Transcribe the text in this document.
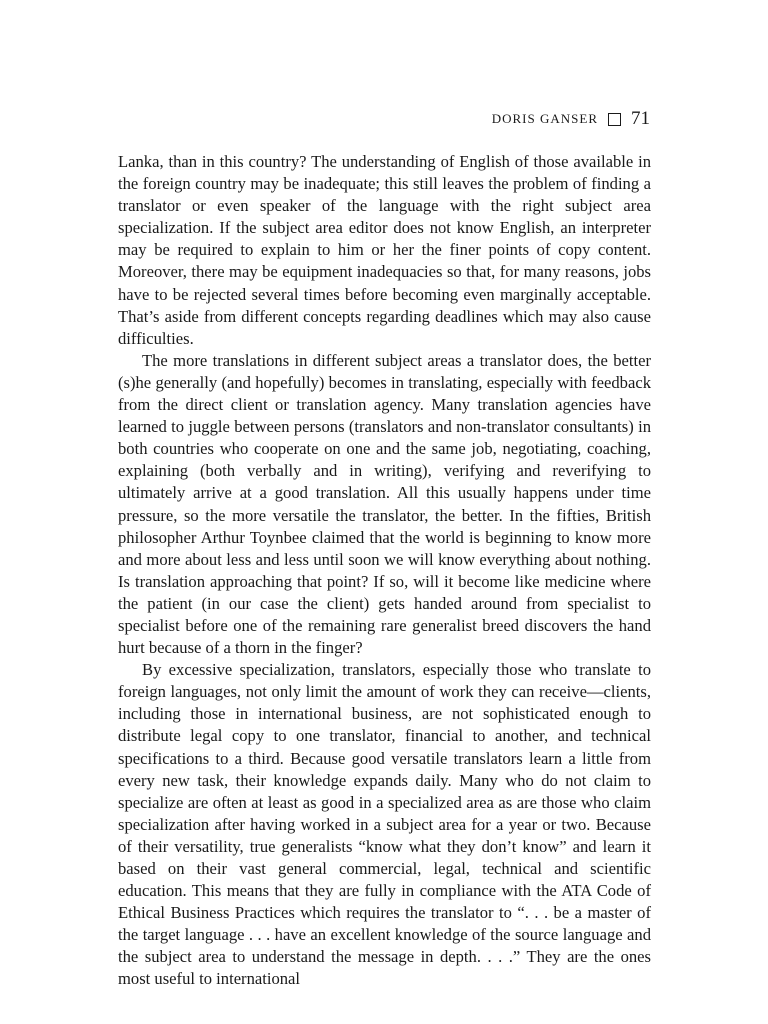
DORIS GANSER 71

Lanka, than in this country? The understanding of English of those available in the foreign country may be inadequate; this still leaves the problem of finding a translator or even speaker of the language with the right subject area specialization. If the subject area editor does not know English, an interpreter may be required to explain to him or her the finer points of copy content. Moreover, there may be equipment inadequacies so that, for many reasons, jobs have to be rejected several times before becoming even marginally acceptable. That’s aside from different concepts regarding deadlines which may also cause difficulties.

The more translations in different subject areas a translator does, the better (s)he generally (and hopefully) becomes in translating, especially with feedback from the direct client or translation agency. Many translation agencies have learned to juggle between persons (translators and non-translator consultants) in both countries who cooperate on one and the same job, negotiating, coaching, explaining (both verbally and in writing), verifying and reverifying to ultimately arrive at a good translation. All this usually happens under time pressure, so the more versatile the translator, the better. In the fifties, British philosopher Arthur Toynbee claimed that the world is beginning to know more and more about less and less until soon we will know everything about nothing. Is translation approaching that point? If so, will it become like medicine where the patient (in our case the client) gets handed around from specialist to specialist before one of the remaining rare generalist breed discovers the hand hurt because of a thorn in the finger?

By excessive specialization, translators, especially those who translate to foreign languages, not only limit the amount of work they can receive—clients, including those in international business, are not sophisticated enough to distribute legal copy to one translator, financial to another, and technical specifications to a third. Because good versatile translators learn a little from every new task, their knowledge expands daily. Many who do not claim to specialize are often at least as good in a specialized area as are those who claim specialization after having worked in a subject area for a year or two. Because of their versatility, true generalists “know what they don’t know” and learn it based on their vast general commercial, legal, technical and scientific education. This means that they are fully in compliance with the ATA Code of Ethical Business Practices which requires the translator to “. . . be a master of the target language . . . have an excellent knowledge of the source language and the subject area to understand the message in depth. . . .” They are the ones most useful to international
